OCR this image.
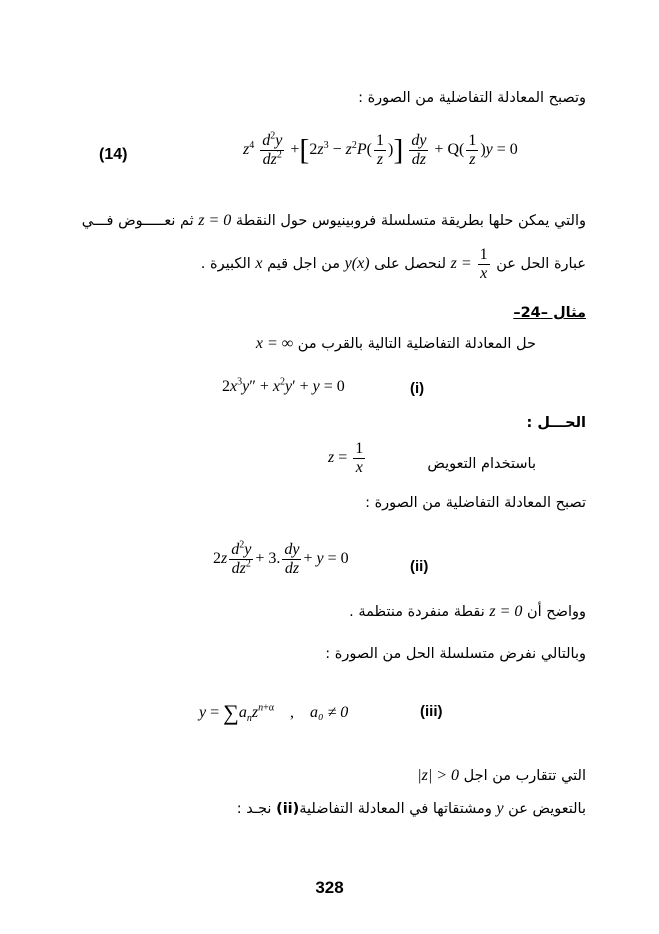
وتصبح المعادلة التفاضلية من الصورة :
(14)	$z^4 \frac{d^2y}{dz^2} +[2z^3 - z^2P( \frac{1}{z}$ )] $\frac{dy}{dz} + Q( \frac{1}{z} )y = 0$
والتي يمكن حلها بطريقة متسلسلة فروبينيوس حول النقطة z = 0 ثم نعـــــوض فـــي
عبارة الحل عن $z = \frac{1}{x}$
لنحصل على y(x) من اجل قيم x الكبيرة .
مثال –24–
حل المعادلة التفاضلية التالية بالقرب من x = ∞
$2x^3y'' + x^2y' + y = 0$	(i)
الحـــل :
$z = \frac{1}{x}$	باستخدام التعويض
تصبح المعادلة التفاضلية من الصورة :
$2z \frac{d^2y}{dz^2} + 3$. $\frac{dy}{dz} + y = 0$	(ii)
وواضح أن z = 0 نقطة منفردة منتظمة .
وبالتالي نفرض متسلسلة الحل من الصورة :
$y = \sum a_nz^{n+\alpha}$ , a₀ ≠ 0	(iii)
التي تتقارب من اجل |z| > 0
بالتعويض عن y ومشتقاتها في المعادلة التفاضلية(ii) نجـد :
328
